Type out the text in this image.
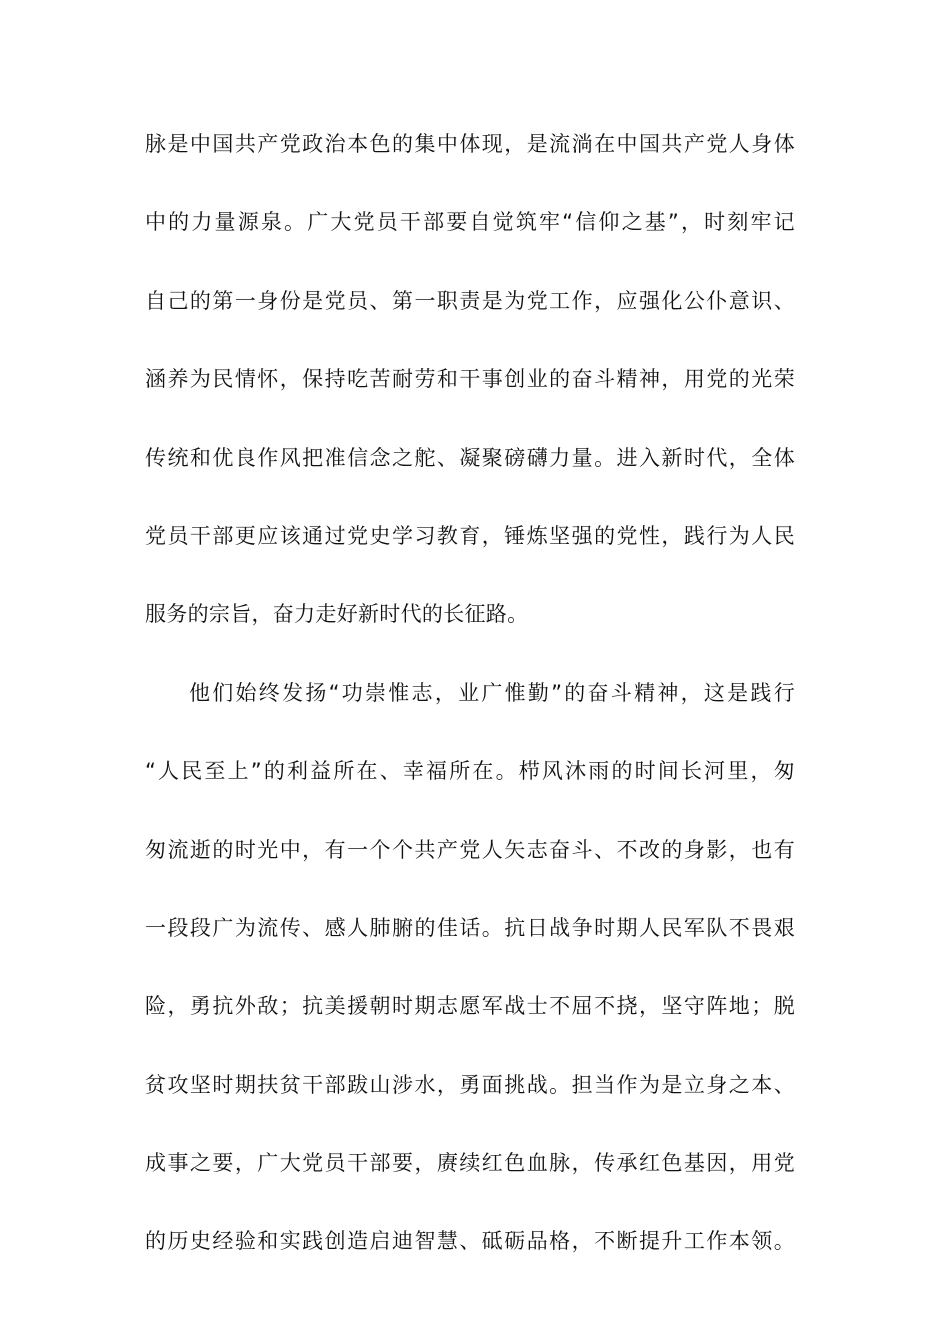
脉是中国共产党政治本色的集中体现，是流淌在中国共产党人身体
中的力量源泉。广大党员干部要自觉筑牢“信仰之基”，时刻牢记
自己的第一身份是党员、第一职责是为党工作，应强化公仆意识、
涵养为民情怀，保持吃苦耐劳和干事创业的奋斗精神，用党的光荣
传统和优良作风把准信念之舵、凝聚磅礴力量。进入新时代，全体
党员干部更应该通过党史学习教育，锤炼坚强的党性，践行为人民
服务的宗旨，奋力走好新时代的长征路。
他们始终发扬“功崇惟志，业广惟勤”的奋斗精神，这是践行
“人民至上”的利益所在、幸福所在。栉风沐雨的时间长河里，匆
匆流逝的时光中，有一个个共产党人矢志奋斗、不改的身影，也有
一段段广为流传、感人肺腑的佳话。抗日战争时期人民军队不畏艰
险，勇抗外敌；抗美援朝时期志愿军战士不屈不挠，坚守阵地；脱
贫攻坚时期扶贫干部跋山涉水，勇面挑战。担当作为是立身之本、
成事之要，广大党员干部要，赓续红色血脉，传承红色基因，用党
的历史经验和实践创造启迪智慧、砥砺品格，不断提升工作本领。
